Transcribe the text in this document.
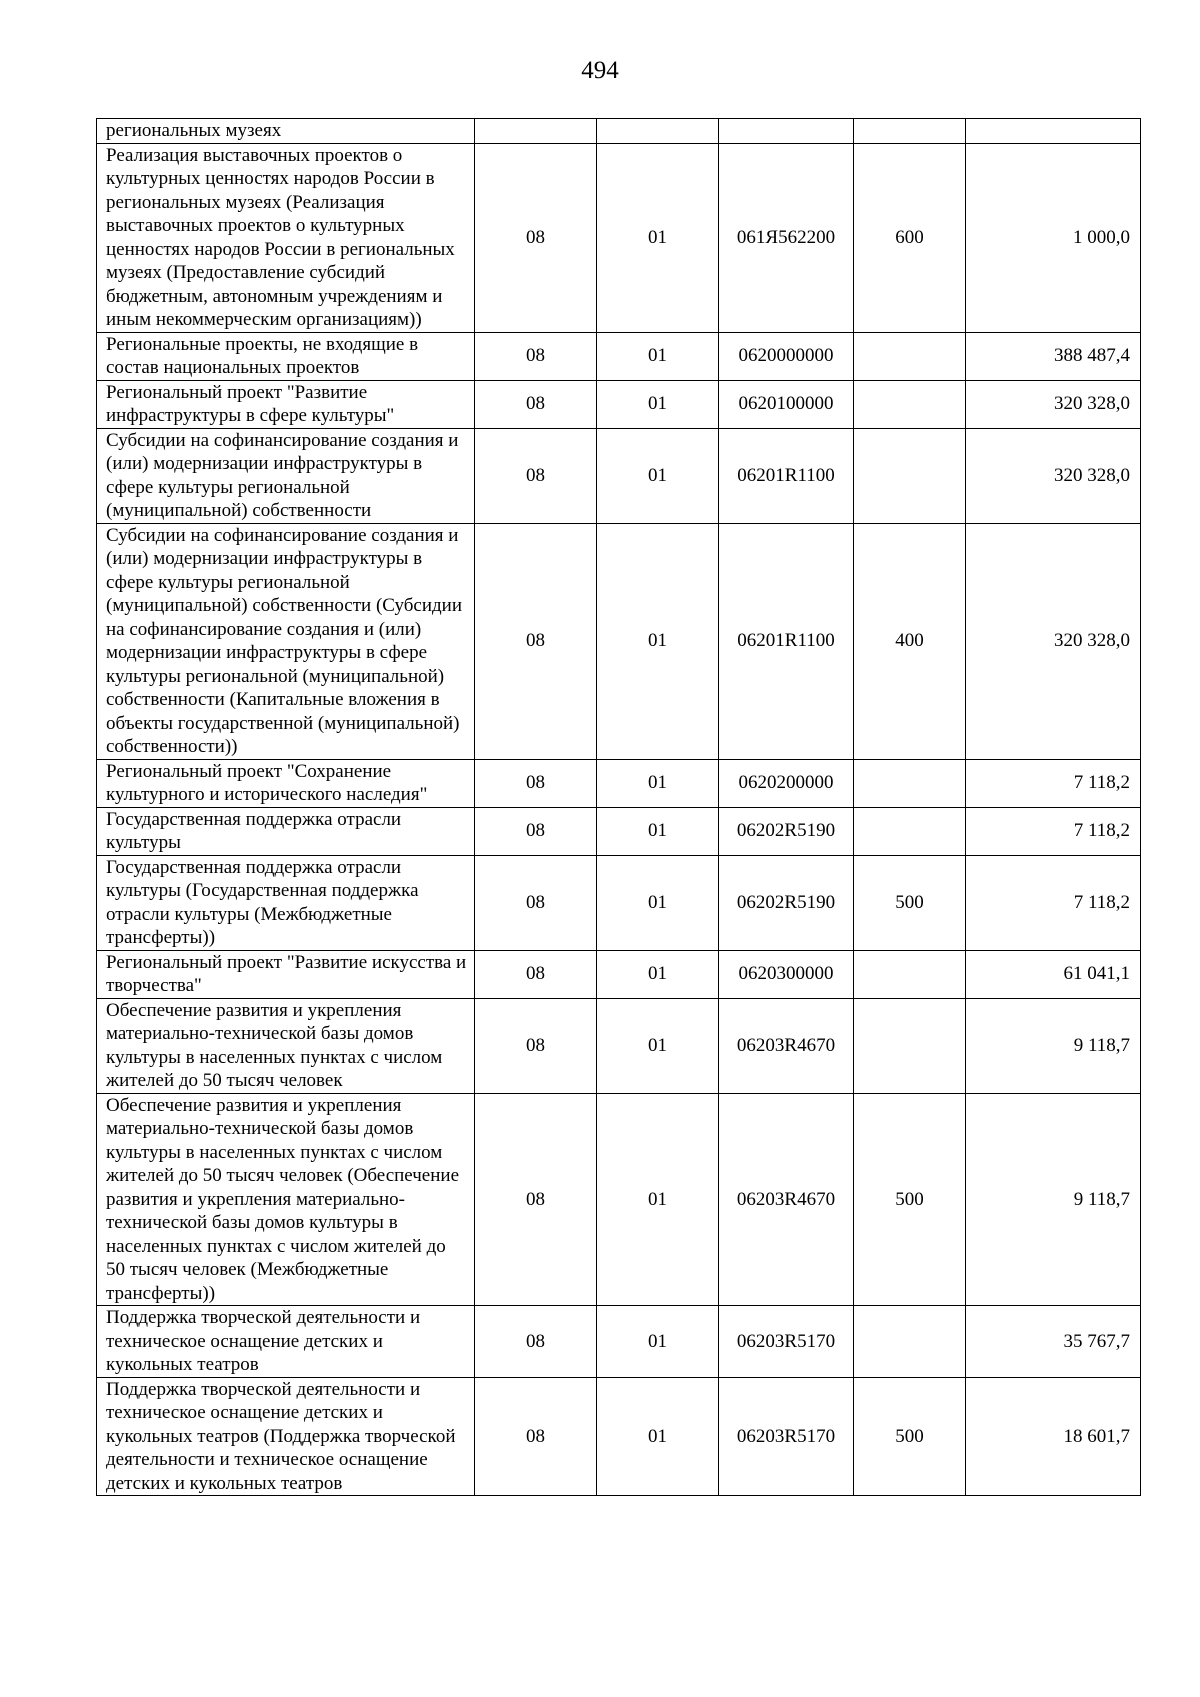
494
региональных музеях					
Реализация выставочных проектов о культурных ценностях народов России в региональных музеях (Реализация выставочных проектов о культурных ценностях народов России в региональных музеях (Предоставление субсидий бюджетным, автономным учреждениям и иным некоммерческим организациям))	08	01	061Я562200	600	1 000,0
Региональные проекты, не входящие в состав национальных проектов	08	01	0620000000		388 487,4
Региональный проект "Развитие инфраструктуры в сфере культуры"	08	01	0620100000		320 328,0
Субсидии на софинансирование создания и (или) модернизации инфраструктуры в сфере культуры региональной (муниципальной) собственности	08	01	06201R1100		320 328,0
Субсидии на софинансирование создания и (или) модернизации инфраструктуры в сфере культуры региональной (муниципальной) собственности (Субсидии на софинансирование создания и (или) модернизации инфраструктуры в сфере культуры региональной (муниципальной) собственности (Капитальные вложения в объекты государственной (муниципальной) собственности))	08	01	06201R1100	400	320 328,0
Региональный проект "Сохранение культурного и исторического наследия"	08	01	0620200000		7 118,2
Государственная поддержка отрасли культуры	08	01	06202R5190		7 118,2
Государственная поддержка отрасли культуры (Государственная поддержка отрасли культуры (Межбюджетные трансферты))	08	01	06202R5190	500	7 118,2
Региональный проект "Развитие искусства и творчества"	08	01	0620300000		61 041,1
Обеспечение развития и укрепления материально-технической базы домов культуры в населенных пунктах с числом жителей до 50 тысяч человек	08	01	06203R4670		9 118,7
Обеспечение развития и укрепления материально-технической базы домов культуры в населенных пунктах с числом жителей до 50 тысяч человек (Обеспечение развития и укрепления материально-технической базы домов культуры в населенных пунктах с числом жителей до 50 тысяч человек (Межбюджетные трансферты))	08	01	06203R4670	500	9 118,7
Поддержка творческой деятельности и техническое оснащение детских и кукольных театров	08	01	06203R5170		35 767,7
Поддержка творческой деятельности и техническое оснащение детских и кукольных театров (Поддержка творческой деятельности и техническое оснащение детских и кукольных театров	08	01	06203R5170	500	18 601,7
